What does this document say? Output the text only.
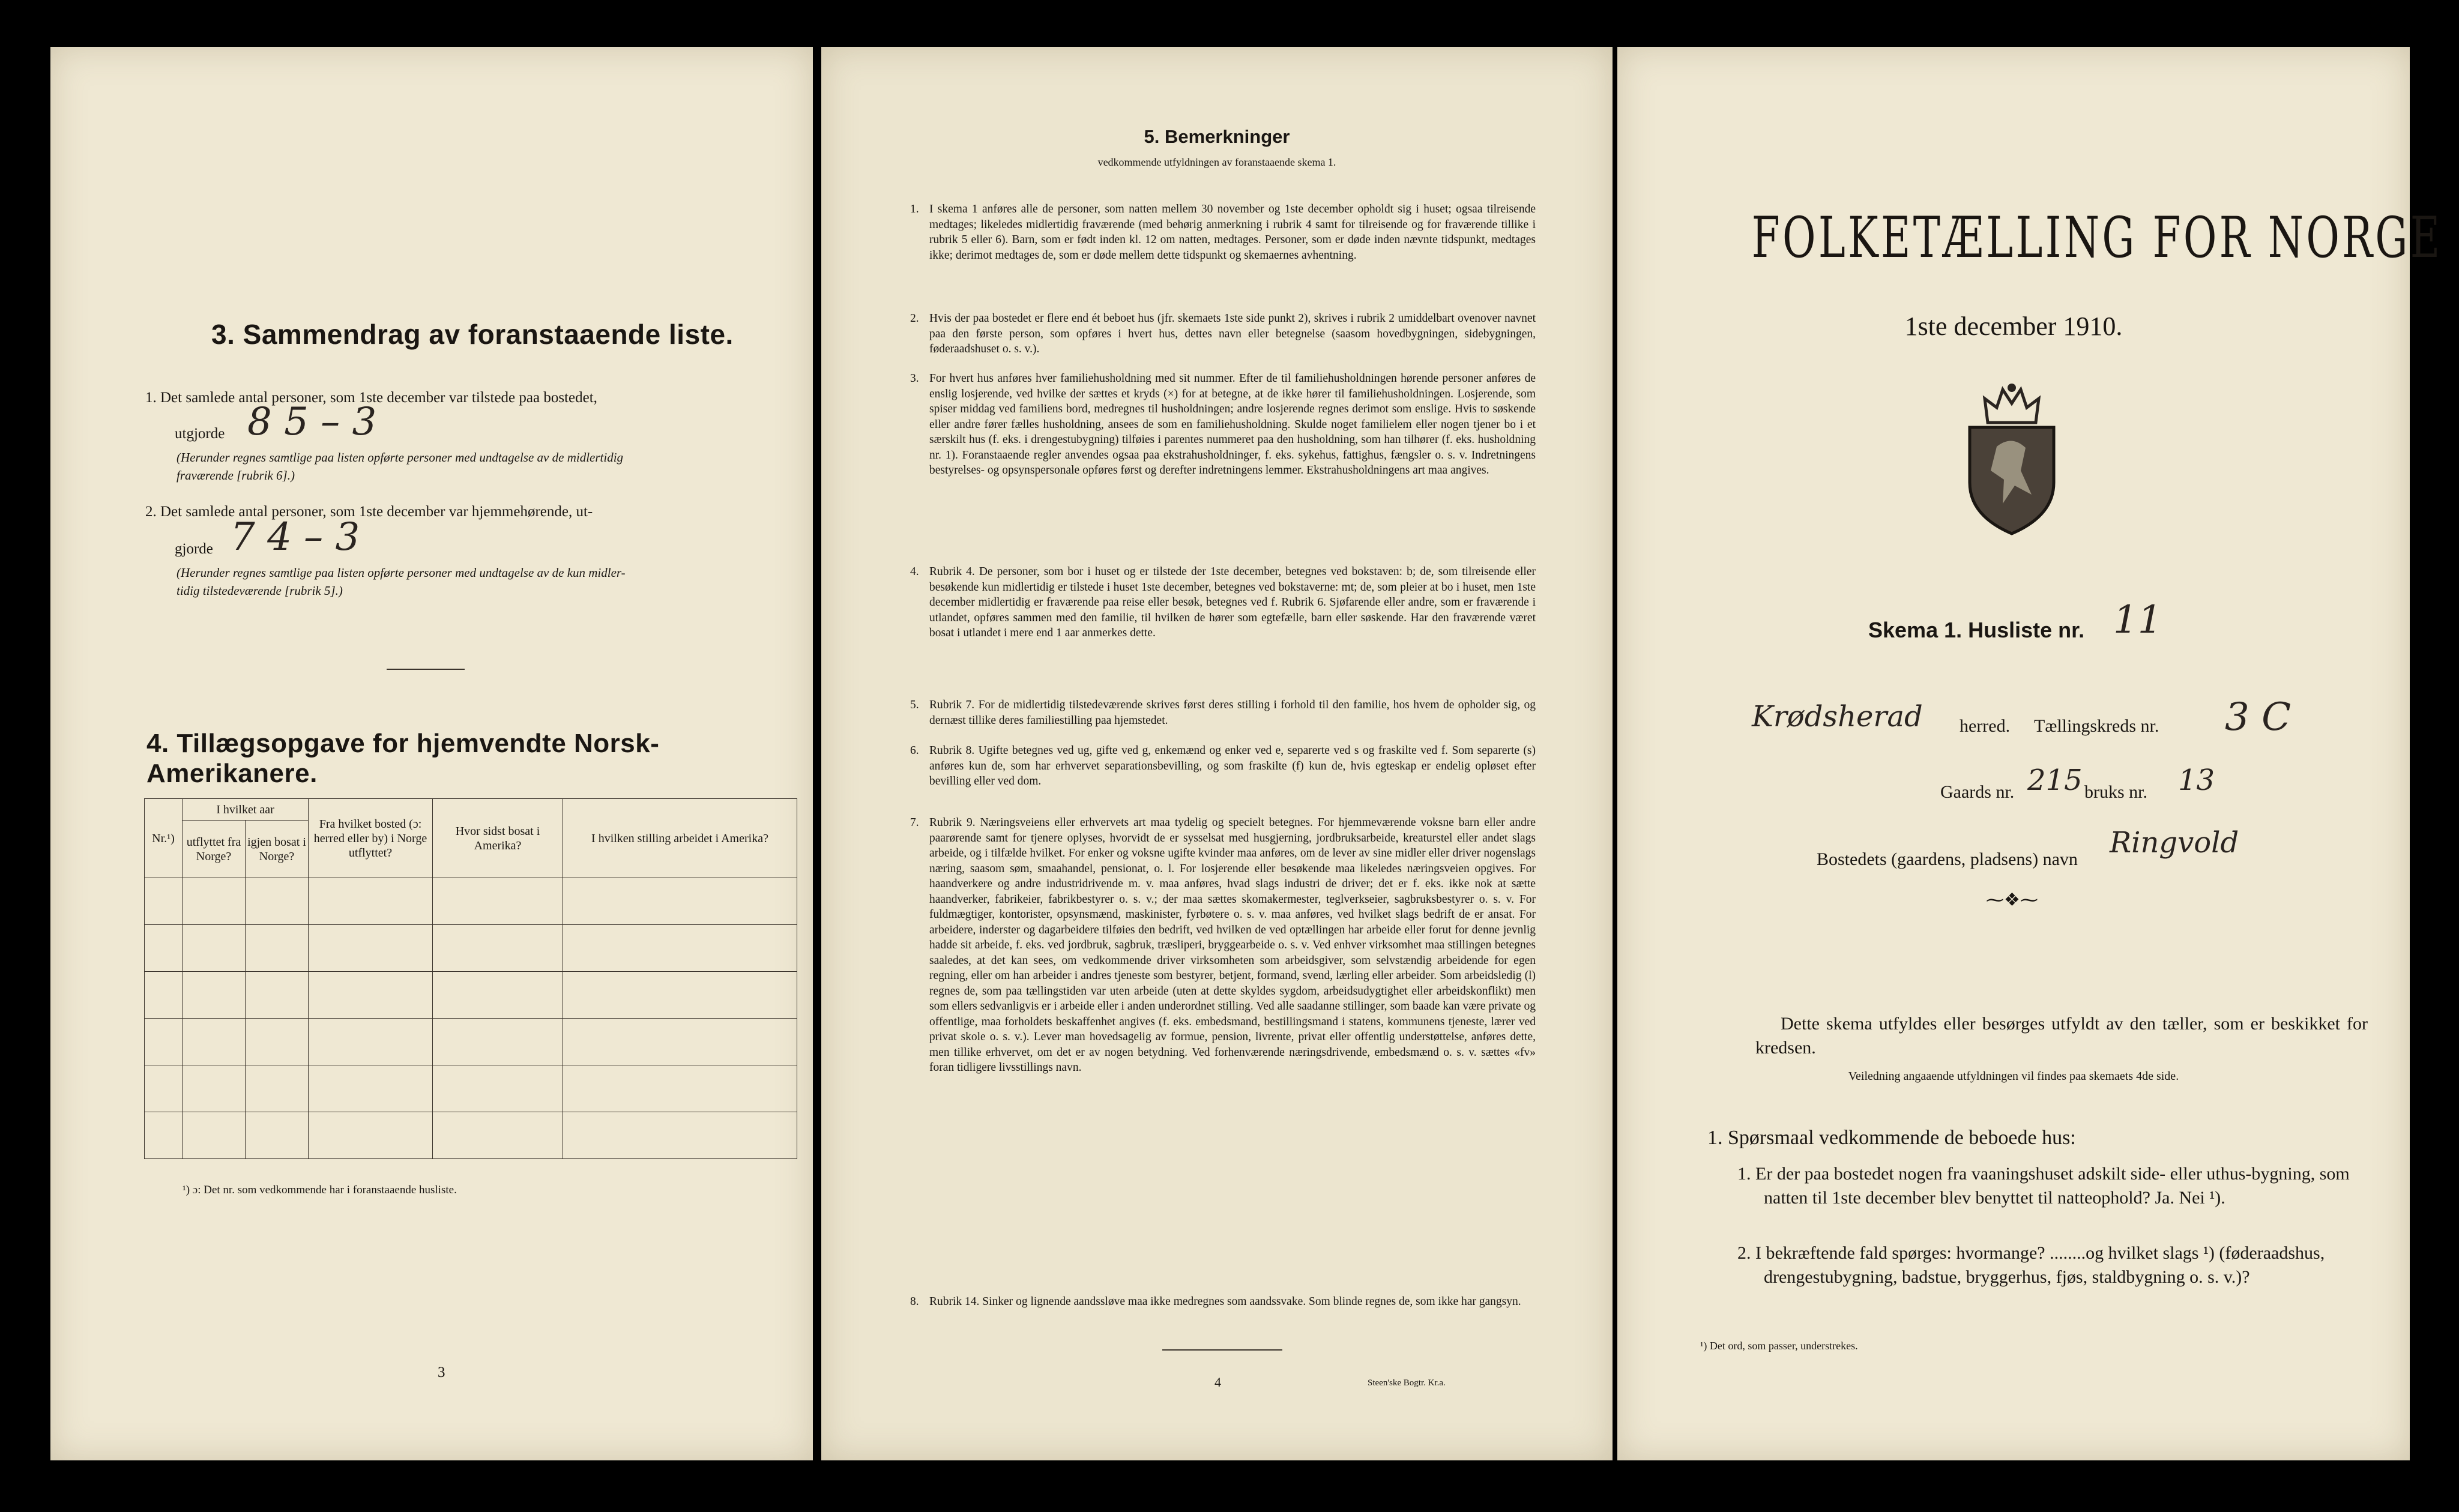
3. Sammendrag av foranstaaende liste.
1. Det samlede antal personer, som 1ste december var tilstede paa bostedet,
utgjorde 8 5 – 3
(Herunder regnes samtlige paa listen opførte personer med undtagelse av de midlertidig
fraværende [rubrik 6].)
2. Det samlede antal personer, som 1ste december var hjemmehørende, ut-
gjorde 7 4 – 3
(Herunder regnes samtlige paa listen opførte personer med undtagelse av de kun midler-
tidig tilstedeværende [rubrik 5].)
4. Tillægsopgave for hjemvendte Norsk-Amerikanere.
Nr.¹)	I hvilket aar		Fra hvilket bosted (ɔ: herred eller by) i Norge utflyttet?	Hvor sidst bosat i Amerika?	I hvilken stilling arbeidet i Amerika?
	utflyttet fra Norge?	igjen bosat i Norge?			

¹) ɔ: Det nr. som vedkommende har i foranstaaende husliste.
3
5. Bemerkninger
vedkommende utfyldningen av foranstaaende skema 1.
1. I skema 1 anføres alle de personer, som natten mellem 30 november og 1ste december opholdt sig i huset; ogsaa tilreisende medtages; likeledes midlertidig fraværende (med behørig anmerkning i rubrik 4 samt for tilreisende og for fraværende tillike i rubrik 5 eller 6). Barn, som er født inden kl. 12 om natten, medtages. Personer, som er døde inden nævnte tidspunkt, medtages ikke; derimot medtages de, som er døde mellem dette tidspunkt og skemaernes avhentning.
2. Hvis der paa bostedet er flere end ét beboet hus (jfr. skemaets 1ste side punkt 2), skrives i rubrik 2 umiddelbart ovenover navnet paa den første person, som opføres i hvert hus, dettes navn eller betegnelse (saasom hovedbygningen, sidebygningen, føderaadshuset o. s. v.).
3. For hvert hus anføres hver familiehusholdning med sit nummer. Efter de til familiehusholdningen hørende personer anføres de enslig losjerende, ved hvilke der sættes et kryds (×) for at betegne, at de ikke hører til familiehusholdningen. Losjerende, som spiser middag ved familiens bord, medregnes til husholdningen; andre losjerende regnes derimot som enslige. Hvis to søskende eller andre fører fælles husholdning, ansees de som en familiehusholdning. Skulde noget familielem eller nogen tjener bo i et særskilt hus (f. eks. i drengestubygning) tilføies i parentes nummeret paa den husholdning, som han tilhører (f. eks. husholdning nr. 1). Foranstaaende regler anvendes ogsaa paa ekstrahusholdninger, f. eks. sykehus, fattighus, fængsler o. s. v. Indretningens bestyrelses- og opsynspersonale opføres først og derefter indretningens lemmer. Ekstrahusholdningens art maa angives.
4. Rubrik 4. De personer, som bor i huset og er tilstede der 1ste december, betegnes ved bokstaven: b; de, som tilreisende eller besøkende kun midlertidig er tilstede i huset 1ste december, betegnes ved bokstaverne: mt; de, som pleier at bo i huset, men 1ste december midlertidig er fraværende paa reise eller besøk, betegnes ved f. Rubrik 6. Sjøfarende eller andre, som er fraværende i utlandet, opføres sammen med den familie, til hvilken de hører som egtefælle, barn eller søskende. Har den fraværende været bosat i utlandet i mere end 1 aar anmerkes dette.
5. Rubrik 7. For de midlertidig tilstedeværende skrives først deres stilling i forhold til den familie, hos hvem de opholder sig, og dernæst tillike deres familiestilling paa hjemstedet.
6. Rubrik 8. Ugifte betegnes ved ug, gifte ved g, enkemænd og enker ved e, separerte ved s og fraskilte ved f. Som separerte (s) anføres kun de, som har erhvervet separationsbevilling, og som fraskilte (f) kun de, hvis egteskap er endelig opløset efter bevilling eller ved dom.
7. Rubrik 9. Næringsveiens eller erhvervets art maa tydelig og specielt betegnes. For hjemmeværende voksne barn eller andre paarørende samt for tjenere oplyses, hvorvidt de er sysselsat med husgjerning, jordbruksarbeide, kreaturstel eller andet slags arbeide, og i tilfælde hvilket. For enker og voksne ugifte kvinder maa anføres, om de lever av sine midler eller driver nogenslags næring, saasom søm, smaahandel, pensionat, o. l. For losjerende eller besøkende maa likeledes næringsveien opgives. For haandverkere og andre industridrivende m. v. maa anføres, hvad slags industri de driver; det er f. eks. ikke nok at sætte haandverker, fabrikeier, fabrikbestyrer o. s. v.; der maa sættes skomakermester, teglverkseier, sagbruksbestyrer o. s. v. For fuldmægtiger, kontorister, opsynsmænd, maskinister, fyrbøtere o. s. v. maa anføres, ved hvilket slags bedrift de er ansat. For arbeidere, inderster og dagarbeidere tilføies den bedrift, ved hvilken de ved optællingen har arbeide eller forut for denne jevnlig hadde sit arbeide, f. eks. ved jordbruk, sagbruk, træsliperi, bryggearbeide o. s. v. Ved enhver virksomhet maa stillingen betegnes saaledes, at det kan sees, om vedkommende driver virksomheten som arbeidsgiver, som selvstændig arbeidende for egen regning, eller om han arbeider i andres tjeneste som bestyrer, betjent, formand, svend, lærling eller arbeider. Som arbeidsledig (l) regnes de, som paa tællingstiden var uten arbeide (uten at dette skyldes sygdom, arbeidsudygtighet eller arbeidskonflikt) men som ellers sedvanligvis er i arbeide eller i anden underordnet stilling. Ved alle saadanne stillinger, som baade kan være private og offentlige, maa forholdets beskaffenhet angives (f. eks. embedsmand, bestillingsmand i statens, kommunens tjeneste, lærer ved privat skole o. s. v.). Lever man hovedsagelig av formue, pension, livrente, privat eller offentlig understøttelse, anføres dette, men tillike erhvervet, om det er av nogen betydning. Ved forhenværende næringsdrivende, embedsmænd o. s. v. sættes «fv» foran tidligere livsstillings navn.
8. Rubrik 14. Sinker og lignende aandssløve maa ikke medregnes som aandssvake. Som blinde regnes de, som ikke har gangsyn.
4	Steen'ske Bogtr. Kr.a.
FOLKETÆLLING FOR NORGE
1ste december 1910.
Skema 1. Husliste nr. 11
Krødsherad herred. Tællingskreds nr. 3 C
Gaards nr. 215 bruks nr. 13
Bostedets (gaardens, pladsens) navn Ringvold
⁓❖⁓
Dette skema utfyldes eller besørges utfyldt av den tæller, som er beskikket for kredsen.
Veiledning angaaende utfyldningen vil findes paa skemaets 4de side.
1. Spørsmaal vedkommende de beboede hus:
1. Er der paa bostedet nogen fra vaaningshuset adskilt side- eller uthus-bygning, som natten til 1ste december blev benyttet til natteophold? Ja. Nei ¹).
2. I bekræftende fald spørges: hvormange? ........og hvilket slags ¹) (føderaadshus, drengestubygning, badstue, bryggerhus, fjøs, staldbygning o. s. v.)?
¹) Det ord, som passer, understrekes.
